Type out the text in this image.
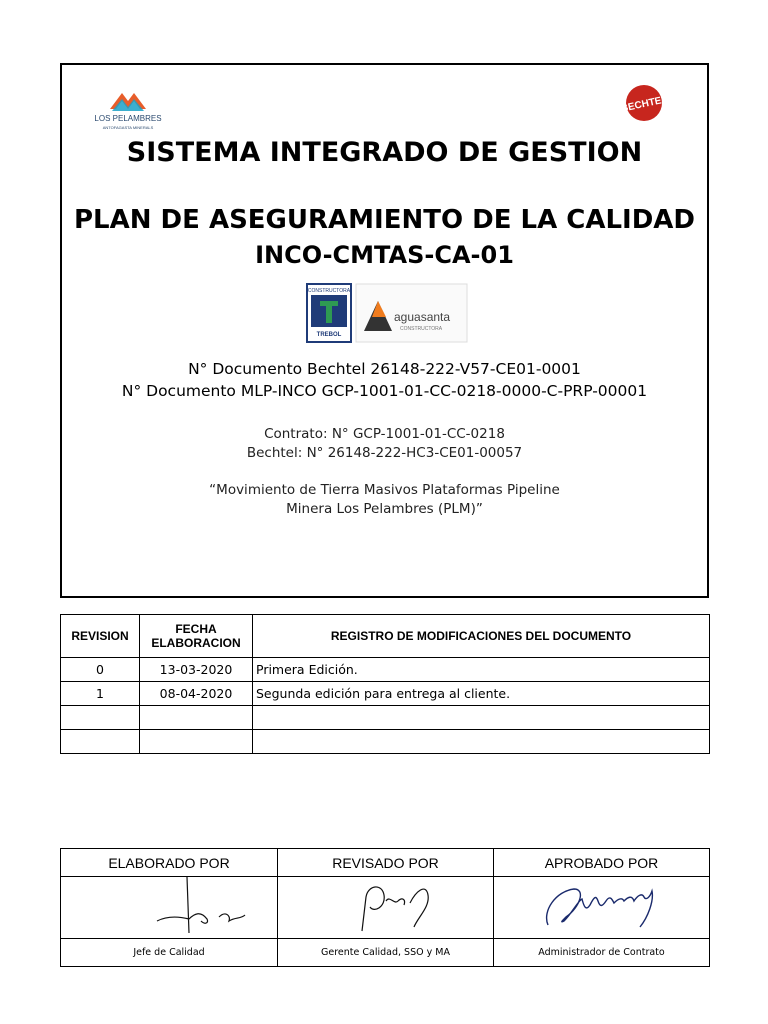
LOS PELAMBRES
ANTOFAGASTA MINERALS
BECHTEL
SISTEMA INTEGRADO DE GESTION
PLAN DE ASEGURAMIENTO DE LA CALIDAD
INCO-CMTAS-CA-01
CONSTRUCTORA
TREBOL
aguasanta
CONSTRUCTORA
N° Documento Bechtel 26148-222-V57-CE01-0001
N° Documento MLP-INCO GCP-1001-01-CC-0218-0000-C-PRP-00001
Contrato: N° GCP-1001-01-CC-0218
Bechtel: N° 26148-222-HC3-CE01-00057
“Movimiento de Tierra Masivos Plataformas Pipeline
Minera Los Pelambres (PLM)”
REVISION	FECHA ELABORACION	REGISTRO DE MODIFICACIONES DEL DOCUMENTO
0	13-03-2020	Primera Edición.
1	08-04-2020	Segunda edición para entrega al cliente.

ELABORADO POR	REVISADO POR	APROBADO POR

Jefe de Calidad	Gerente Calidad, SSO y MA	Administrador de Contrato
